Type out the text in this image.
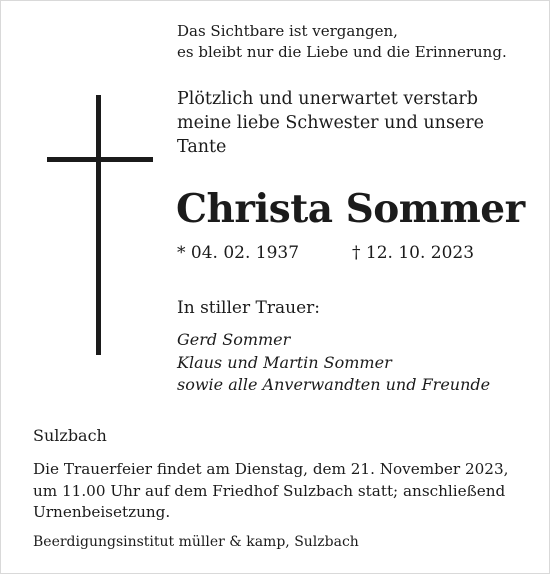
Das Sichtbare ist vergangen,
es bleibt nur die Liebe und die Erinnerung.
Plötzlich und unerwartet verstarb
meine liebe Schwester und unsere
Tante
Christa Sommer
* 04. 02. 1937	† 12. 10. 2023
In stiller Trauer:
Gerd Sommer
Klaus und Martin Sommer
sowie alle Anverwandten und Freunde
Sulzbach
Die Trauerfeier findet am Dienstag, dem 21. November 2023,
um 11.00 Uhr auf dem Friedhof Sulzbach statt; anschließend
Urnenbeisetzung.
Beerdigungsinstitut müller & kamp, Sulzbach
